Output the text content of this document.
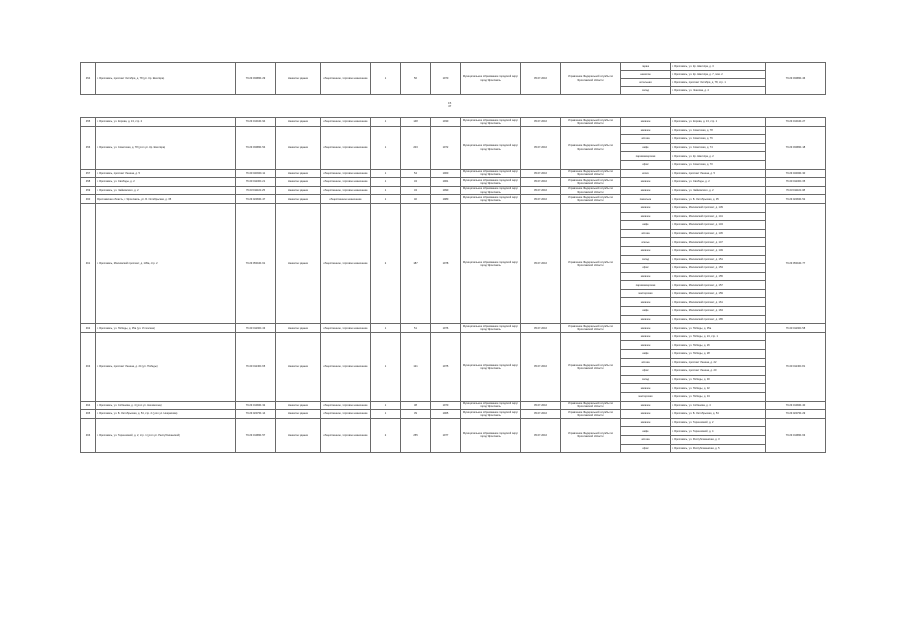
454	г. Ярославль, проспект Октября, д. 78 (ул. Кр. Шахтёра)	76:23:030801:29	Нежилое здание	общественное, торговое назначение	1	56	1970	Муниципальное образование городской округ город Ярославль	05.07.2016	Управление Федеральной службы по Ярославской области	гараж	г. Ярославль, ул. Кр. Шахтёра, д. 3	76:23:030801:46
											нежилое	г. Ярославль, ул. Кр. Шахтёра, д. 7, пом. 2	
											котельная	г. Ярославль, проспект Октября, д. 78, стр. 1	
											склад	г. Ярославль, ул. Чкалова, д. 4	
15
47
455	г. Ярославль, ул. Кирова, д. 13, стр. 2	76:23:010101:94	Нежилое здание	общественное, торговое назначение	1	148	1930	Муниципальное образование городской округ город Ярославль	05.07.2016	Управление Федеральной службы по Ярославской области	магазин	г. Ярославль, ул. Кирова, д. 13, стр. 1	76:23:010101:27
456	г. Ярославль, ул. Советская, д. 78 (угол ул. Кр. Шахтёра)	76:23:030801:54	Нежилое здание	общественное, торговое назначение	1	203	1972	Муниципальное образование городской округ город Ярославль	05.07.2016	Управление Федеральной службы по Ярославской области	магазин	г. Ярославль, ул. Советская, д. 78	76:23:030801:18
											аптека	г. Ярославль, ул. Советская, д. 76	
											кафе	г. Ярославль, ул. Советская, д. 74	
											парикмахерская	г. Ярославль, ул. Кр. Шахтёра, д. 2	
											офис	г. Ярославль, ул. Советская, д. 70	
457	г. Ярославль, проспект Ленина, д. 5	76:23:040301:11	Нежилое здание	общественное, торговое назначение	1	54	1960	Муниципальное образование городской округ город Ярославль	05.07.2016	Управление Федеральной службы по Ярославской области	киоск	г. Ярославль, проспект Ленина, д. 5	76:23:040301:30
458	г. Ярославль, ул. Свободы, д. 2	76:23:011001:21	Нежилое здание	общественное, торговое назначение	1	34	1961	Муниципальное образование городской округ город Ярославль	05.07.2016	Управление Федеральной службы по Ярославской области	магазин	г. Ярославль, ул. Свободы, д. 2	76:23:011001:35
459	г. Ярославль, ул. Чайковского, д. 2	76:23:011101:25	Нежилое здание	общественное, торговое назначение	1	34	1990	Муниципальное образование городской округ город Ярославль	05.07.2016	Управление Федеральной службы по Ярославской области	магазин	г. Ярославль, ул. Чайковского, д. 2	76:23:011101:38
460	Ярославская область, г. Ярославль, ул. Б. Октябрьская, д. 35	76:23:020601:47	Нежилое здание	общественное назначение	1	40	1980	Муниципальное образование городской округ город Ярославль	05.07.2016	Управление Федеральной службы по Ярославской области	павильон	г. Ярославль, ул. Б. Октябрьская, д. 35	76:23:020601:52
461	г. Ярославль, Московский проспект, д. 139а, стр. 2	76:23:050101:61	Нежилое здание	общественное, торговое назначение	2	187	1978	Муниципальное образование городской округ город Ярославль	05.07.2016	Управление Федеральной службы по Ярославской области	магазин	г. Ярославль, Московский проспект, д. 139	76:23:050101:77
											магазин	г. Ярославль, Московский проспект, д. 141	
											кафе	г. Ярославль, Московский проспект, д. 143	
											аптека	г. Ярославль, Московский проспект, д. 145	
											ателье	г. Ярославль, Московский проспект, д. 147	
											магазин	г. Ярославль, Московский проспект, д. 149	
											склад	г. Ярославль, Московский проспект, д. 151	
											офис	г. Ярославль, Московский проспект, д. 153	
											магазин	г. Ярославль, Московский проспект, д. 155	
											парикмахерская	г. Ярославль, Московский проспект, д. 157	
											мастерская	г. Ярославль, Московский проспект, д. 159	
											магазин	г. Ярославль, Московский проспект, д. 161	
											кафе	г. Ярославль, Московский проспект, д. 163	
											магазин	г. Ярославль, Московский проспект, д. 165	
462	г. Ярославль, ул. Победы, д. 35а (ул. Угличская)	76:23:011601:43	Нежилое здание	общественное, торговое назначение	1	51	1976	Муниципальное образование городской округ город Ярославль	05.07.2016	Управление Федеральной службы по Ярославской области	магазин	г. Ярославль, ул. Победы, д. 35а	76:23:011601:58
463	г. Ярославль, проспект Ленина, д. 24 (ул. Победы)	76:23:011301:65	Нежилое здание	общественное, торговое назначение	1	121	1975	Муниципальное образование городской округ город Ярославль	05.07.2016	Управление Федеральной службы по Ярославской области	магазин	г. Ярославль, ул. Победы, д. 24, стр. 1	76:23:011301:81
											магазин	г. Ярославль, ул. Победы, д. 26	
											кафе	г. Ярославль, ул. Победы, д. 28	
											аптека	г. Ярославль, проспект Ленина, д. 22	
											офис	г. Ярославль, проспект Ленина, д. 20	
											склад	г. Ярославль, ул. Победы, д. 30	
											магазин	г. Ярославль, ул. Победы, д. 32	
											мастерская	г. Ярославль, ул. Победы, д. 34	
464	г. Ярославль, ул. Собинова, д. 4 (угол ул. Нахимсона)	76:23:010901:32	Нежилое здание	общественное, торговое назначение	1	38	1970	Муниципальное образование городской округ город Ярославль	05.07.2016	Управление Федеральной службы по Ярославской области	магазин	г. Ярославль, ул. Собинова, д. 4	76:23:010901:40
465	г. Ярославль, ул. Б. Октябрьская, д. 54, стр. 2 (угол ул. Некрасова)	76:23:020701:14	Нежилое здание	общественное, торговое назначение	1	39	1965	Муниципальное образование городской округ город Ярославль	05.07.2016	Управление Федеральной службы по Ярославской области	магазин	г. Ярославль, ул. Б. Октябрьская, д. 54	76:23:020701:29
466	г. Ярославль, ул. Терешковой, д. 2, стр. 1 (угол ул. Республиканской)	76:23:010801:57	Нежилое здание	общественное, торговое назначение	2	255	1977	Муниципальное образование городской округ город Ярославль	05.07.2016	Управление Федеральной службы по Ярославской области	магазин	г. Ярославль, ул. Терешковой, д. 2	76:23:010801:63
											кафе	г. Ярославль, ул. Терешковой, д. 4	
											аптека	г. Ярославль, ул. Республиканская, д. 3	
											офис	г. Ярославль, ул. Республиканская, д. 5	
